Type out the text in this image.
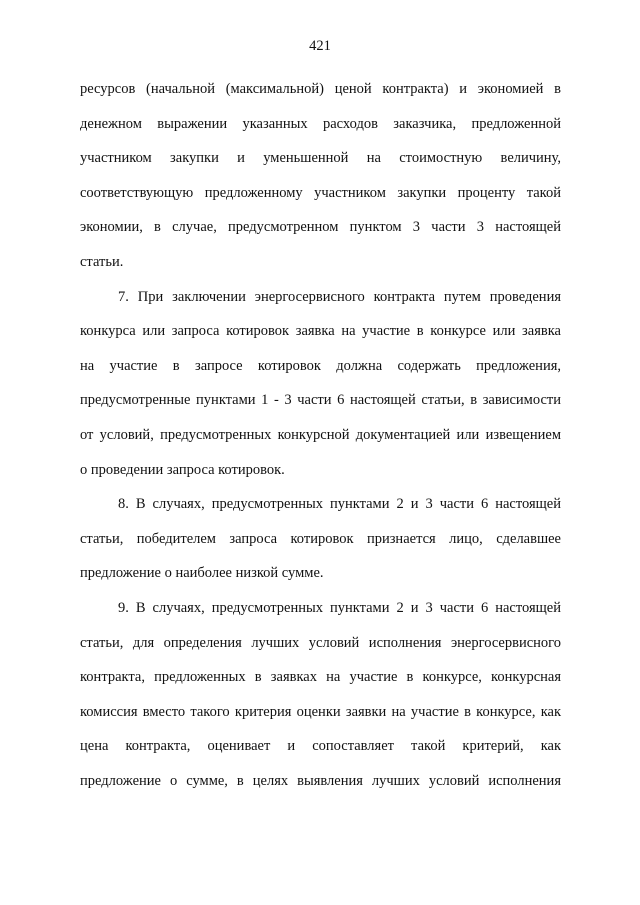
421
ресурсов (начальной (максимальной) ценой контракта) и экономией в
денежном выражении указанных расходов заказчика, предложенной
участником закупки и уменьшенной на стоимостную величину,
соответствующую предложенному участником закупки проценту такой
экономии, в случае, предусмотренном пунктом 3 части 3 настоящей
статьи.
7. При заключении энергосервисного контракта путем проведения
конкурса или запроса котировок заявка на участие в конкурсе или заявка
на участие в запросе котировок должна содержать предложения,
предусмотренные пунктами 1 - 3 части 6 настоящей статьи, в зависимости
от условий, предусмотренных конкурсной документацией или извещением
о проведении запроса котировок.
8. В случаях, предусмотренных пунктами 2 и 3 части 6 настоящей
статьи, победителем запроса котировок признается лицо, сделавшее
предложение о наиболее низкой сумме.
9. В случаях, предусмотренных пунктами 2 и 3 части 6 настоящей
статьи, для определения лучших условий исполнения энергосервисного
контракта, предложенных в заявках на участие в конкурсе, конкурсная
комиссия вместо такого критерия оценки заявки на участие в конкурсе, как
цена контракта, оценивает и сопоставляет такой критерий, как
предложение о сумме, в целях выявления лучших условий исполнения
